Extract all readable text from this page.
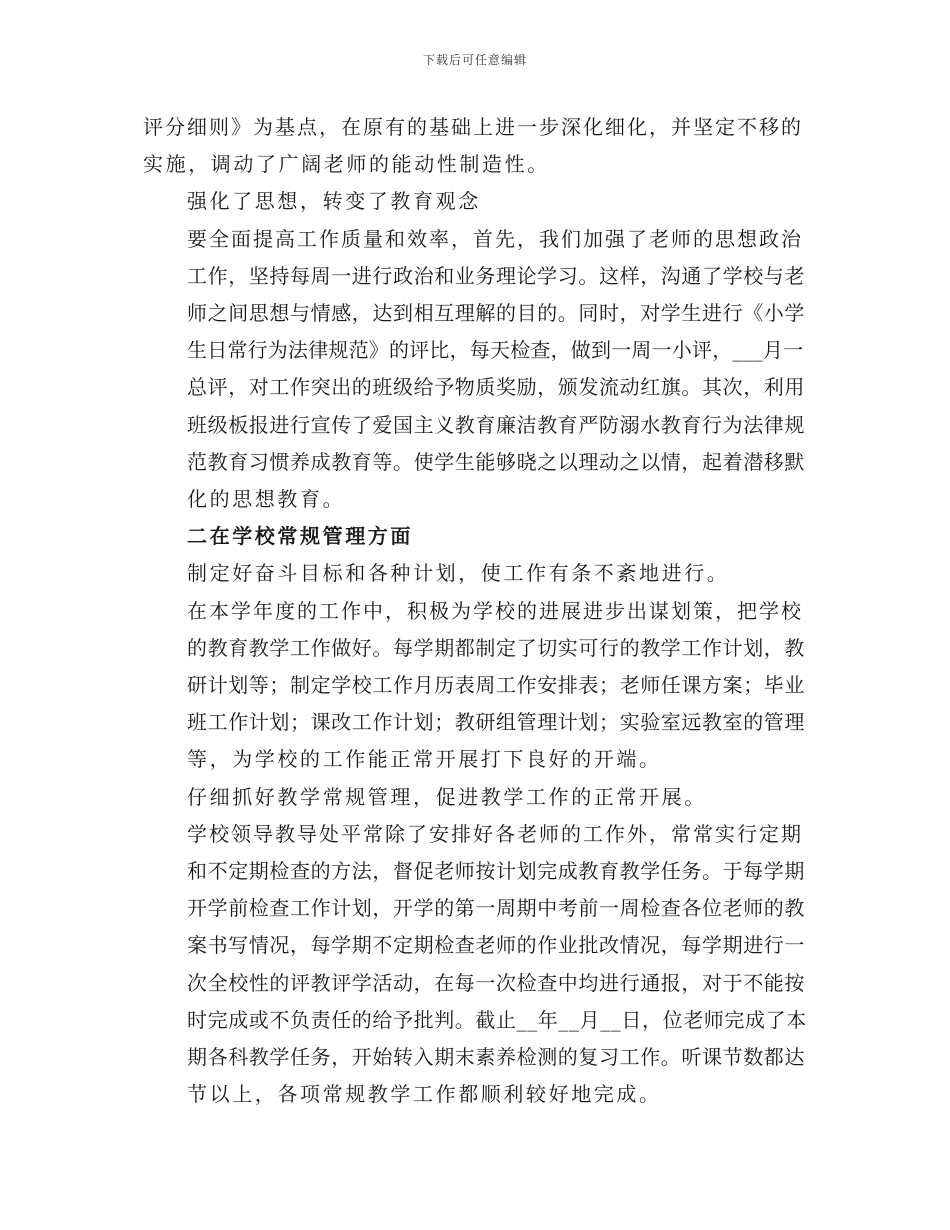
下载后可任意编辑

评分细则》为基点，在原有的基础上进一步深化细化，并坚定不移的
实施，调动了广阔老师的能动性制造性。

强化了思想，转变了教育观念

要全面提高工作质量和效率，首先，我们加强了老师的思想政治
工作，坚持每周一进行政治和业务理论学习。这样，沟通了学校与老
师之间思想与情感，达到相互理解的目的。同时，对学生进行《小学
生日常行为法律规范》的评比，每天检查，做到一周一小评，___月一
总评，对工作突出的班级给予物质奖励，颁发流动红旗。其次，利用
班级板报进行宣传了爱国主义教育廉洁教育严防溺水教育行为法律规
范教育习惯养成教育等。使学生能够晓之以理动之以情，起着潜移默
化的思想教育。

二在学校常规管理方面

制定好奋斗目标和各种计划，使工作有条不紊地进行。

在本学年度的工作中，积极为学校的进展进步出谋划策，把学校
的教育教学工作做好。每学期都制定了切实可行的教学工作计划，教
研计划等；制定学校工作月历表周工作安排表；老师任课方案；毕业
班工作计划；课改工作计划；教研组管理计划；实验室远教室的管理
等，为学校的工作能正常开展打下良好的开端。

仔细抓好教学常规管理，促进教学工作的正常开展。

学校领导教导处平常除了安排好各老师的工作外，常常实行定期
和不定期检查的方法，督促老师按计划完成教育教学任务。于每学期
开学前检查工作计划，开学的第一周期中考前一周检查各位老师的教
案书写情况，每学期不定期检查老师的作业批改情况，每学期进行一
次全校性的评教评学活动，在每一次检查中均进行通报，对于不能按
时完成或不负责任的给予批判。截止__年__月__日，位老师完成了本
期各科教学任务，开始转入期末素养检测的复习工作。听课节数都达
节以上，各项常规教学工作都顺利较好地完成。
